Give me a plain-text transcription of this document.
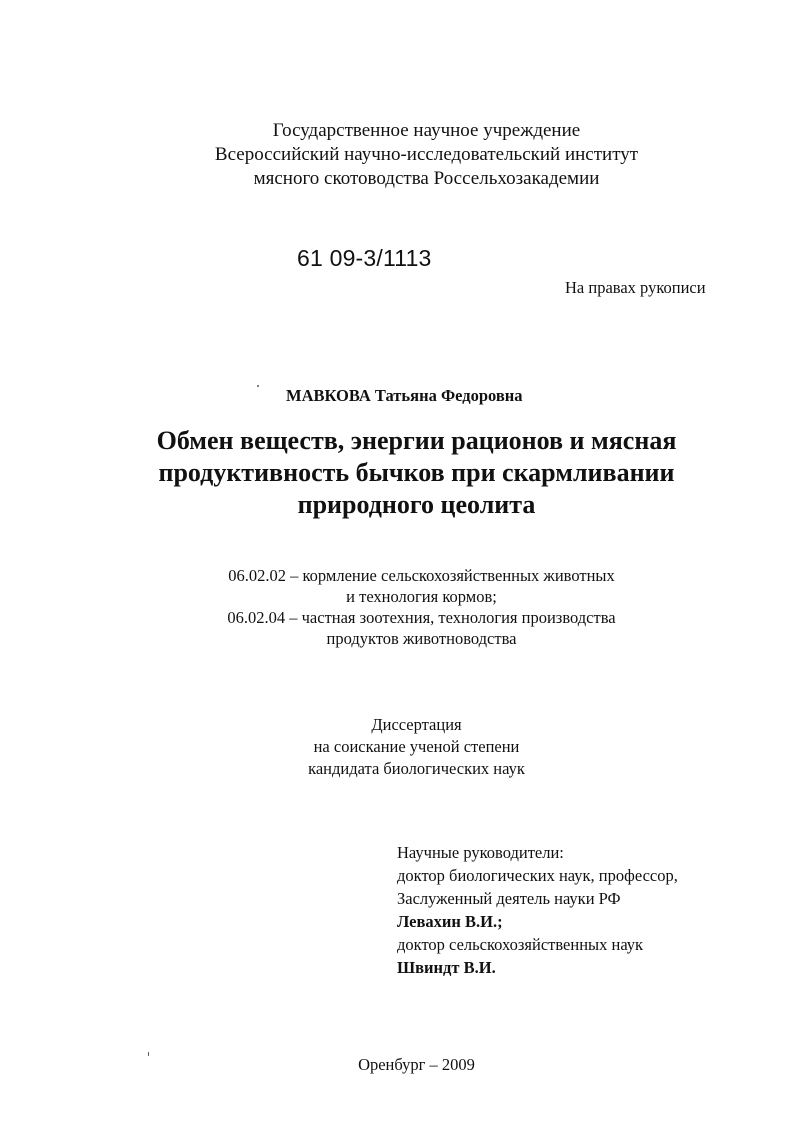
Государственное научное учреждение
Всероссийский научно-исследовательский институт
мясного скотоводства Россельхозакадемии
61 09-3/1113
На правах рукописи
МАВКОВА Татьяна Федоровна
Обмен веществ, энергии рационов и мясная
продуктивность бычков при скармливании
природного цеолита
06.02.02 – кормление сельскохозяйственных животных
и технология кормов;
06.02.04 – частная зоотехния, технология производства
продуктов животноводства
Диссертация
на соискание ученой степени
кандидата биологических наук
Научные руководители:
доктор биологических наук, профессор,
Заслуженный деятель науки РФ
Левахин В.И.;
доктор сельскохозяйственных наук
Швиндт В.И.
Оренбург – 2009
